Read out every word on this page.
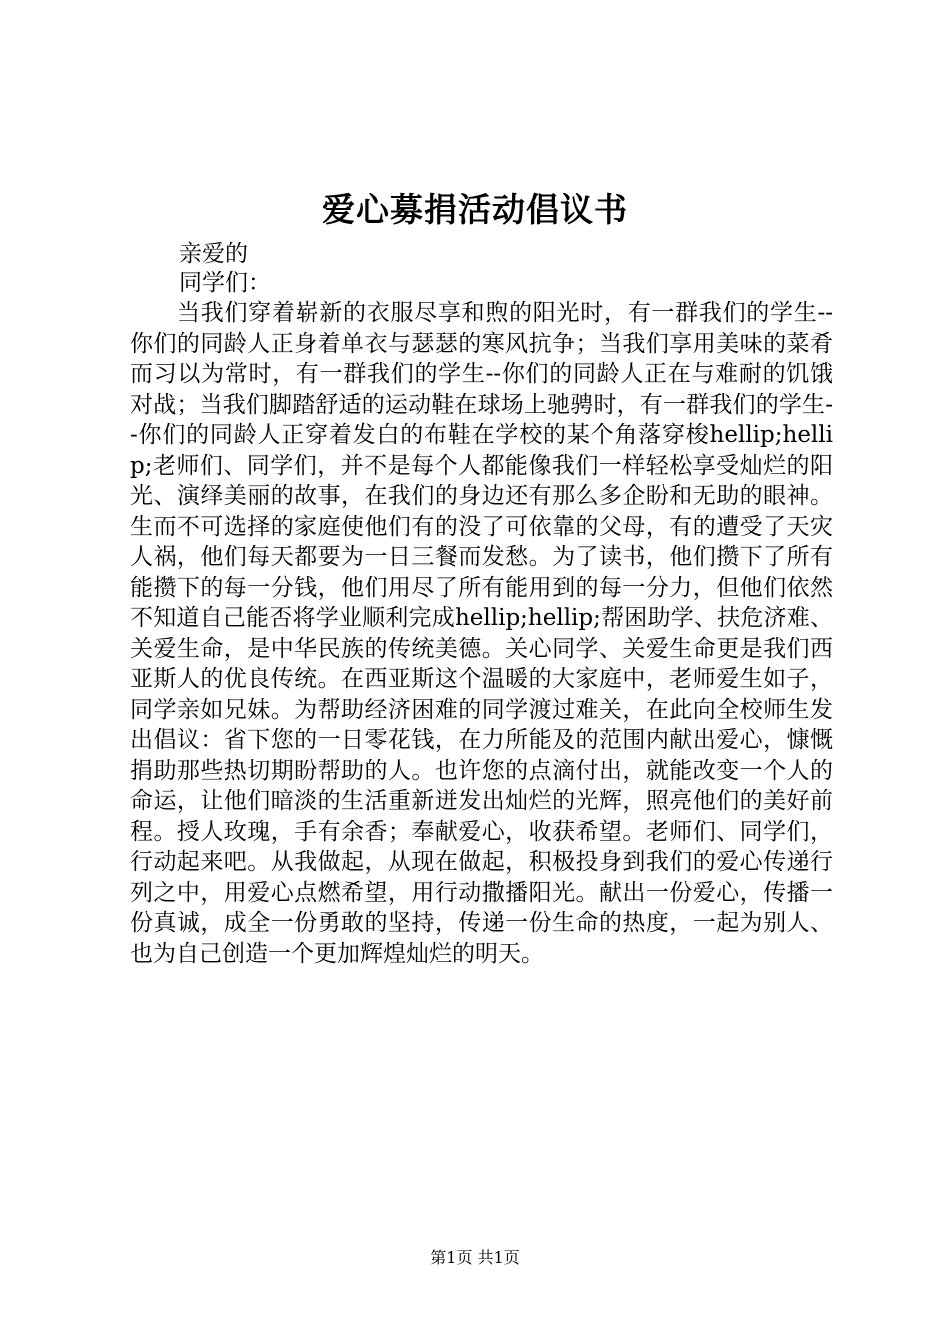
爱心募捐活动倡议书

亲爱的

同学们：

当我们穿着崭新的衣服尽享和煦的阳光时，有一群我们的学生--你们的同龄人正身着单衣与瑟瑟的寒风抗争；当我们享用美味的菜肴而习以为常时，有一群我们的学生--你们的同龄人正在与难耐的饥饿对战；当我们脚踏舒适的运动鞋在球场上驰骋时，有一群我们的学生--你们的同龄人正穿着发白的布鞋在学校的某个角落穿梭hellip;hellip;老师们、同学们，并不是每个人都能像我们一样轻松享受灿烂的阳光、演绎美丽的故事，在我们的身边还有那么多企盼和无助的眼神。生而不可选择的家庭使他们有的没了可依靠的父母，有的遭受了天灾人祸，他们每天都要为一日三餐而发愁。为了读书，他们攒下了所有能攒下的每一分钱，他们用尽了所有能用到的每一分力，但他们依然不知道自己能否将学业顺利完成hellip;hellip;帮困助学、扶危济难、关爱生命，是中华民族的传统美德。关心同学、关爱生命更是我们西亚斯人的优良传统。在西亚斯这个温暖的大家庭中，老师爱生如子，同学亲如兄妹。为帮助经济困难的同学渡过难关，在此向全校师生发出倡议：省下您的一日零花钱，在力所能及的范围内献出爱心，慷慨捐助那些热切期盼帮助的人。也许您的点滴付出，就能改变一个人的命运，让他们暗淡的生活重新迸发出灿烂的光辉，照亮他们的美好前程。授人玫瑰，手有余香；奉献爱心，收获希望。老师们、同学们，行动起来吧。从我做起，从现在做起，积极投身到我们的爱心传递行列之中，用爱心点燃希望，用行动撒播阳光。献出一份爱心，传播一份真诚，成全一份勇敢的坚持，传递一份生命的热度，一起为别人、也为自己创造一个更加辉煌灿烂的明天。

第1页 共1页
